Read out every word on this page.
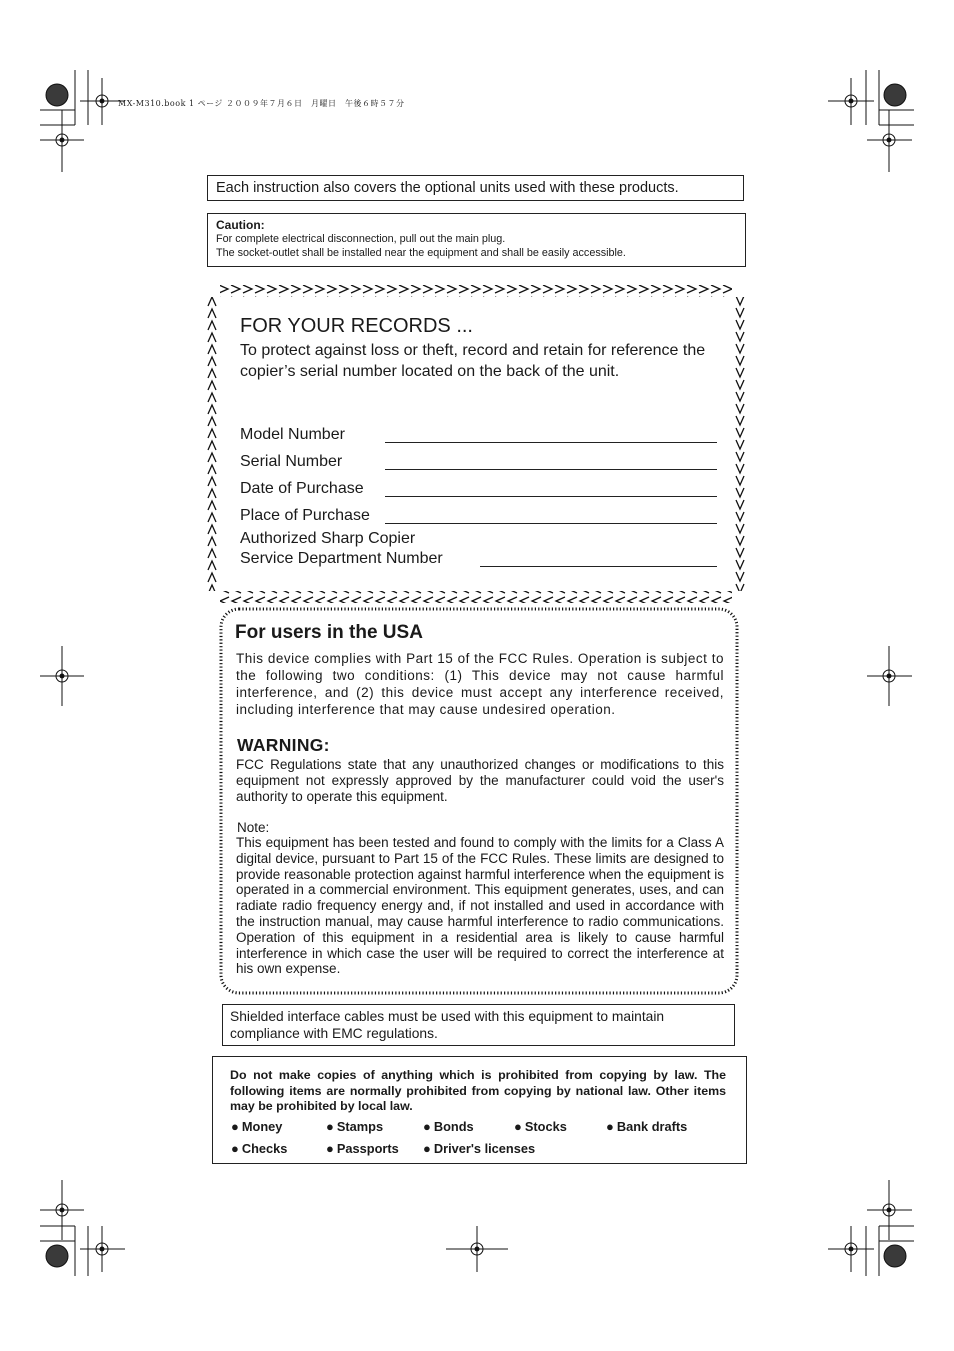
MX-M310.book 1 ページ ２００９年７月６日　月曜日　午後６時５７分
Each instruction also covers the optional units used with these products.
Caution:
For complete electrical disconnection, pull out the main plug.
The socket-outlet shall be installed near the equipment and shall be easily accessible.
FOR YOUR RECORDS ...
To protect against loss or theft, record and retain for reference the copier’s serial number located on the back of the unit.
Model Number
Serial Number
Date of Purchase
Place of Purchase
Authorized Sharp Copier
Service Department Number
For users in the USA
This device complies with Part 15 of the FCC Rules. Operation is subject to the following two conditions: (1) This device may not cause harmful interference, and (2) this device must accept any interference received, including interference that may cause undesired operation.
WARNING:
FCC Regulations state that any unauthorized changes or modifications to this equipment not expressly approved by the manufacturer could void the user's authority to operate this equipment.
Note:
This equipment has been tested and found to comply with the limits for a Class A digital device, pursuant to Part 15 of the FCC Rules. These limits are designed to provide reasonable protection against harmful interference when the equipment is operated in a commercial environment. This equipment generates, uses, and can radiate radio frequency energy and, if not installed and used in accordance with the instruction manual, may cause harmful interference to radio communications. Operation of this equipment in a residential area is likely to cause harmful interference in which case the user will be required to correct the interference at his own expense.
Shielded interface cables must be used with this equipment to maintain compliance with EMC regulations.
Do not make copies of anything which is prohibited from copying by law. The following items are normally prohibited from copying by national law. Other items may be prohibited by local law.
● Money	● Stamps	● Bonds	● Stocks	● Bank drafts
● Checks	● Passports ● Driver's licenses
